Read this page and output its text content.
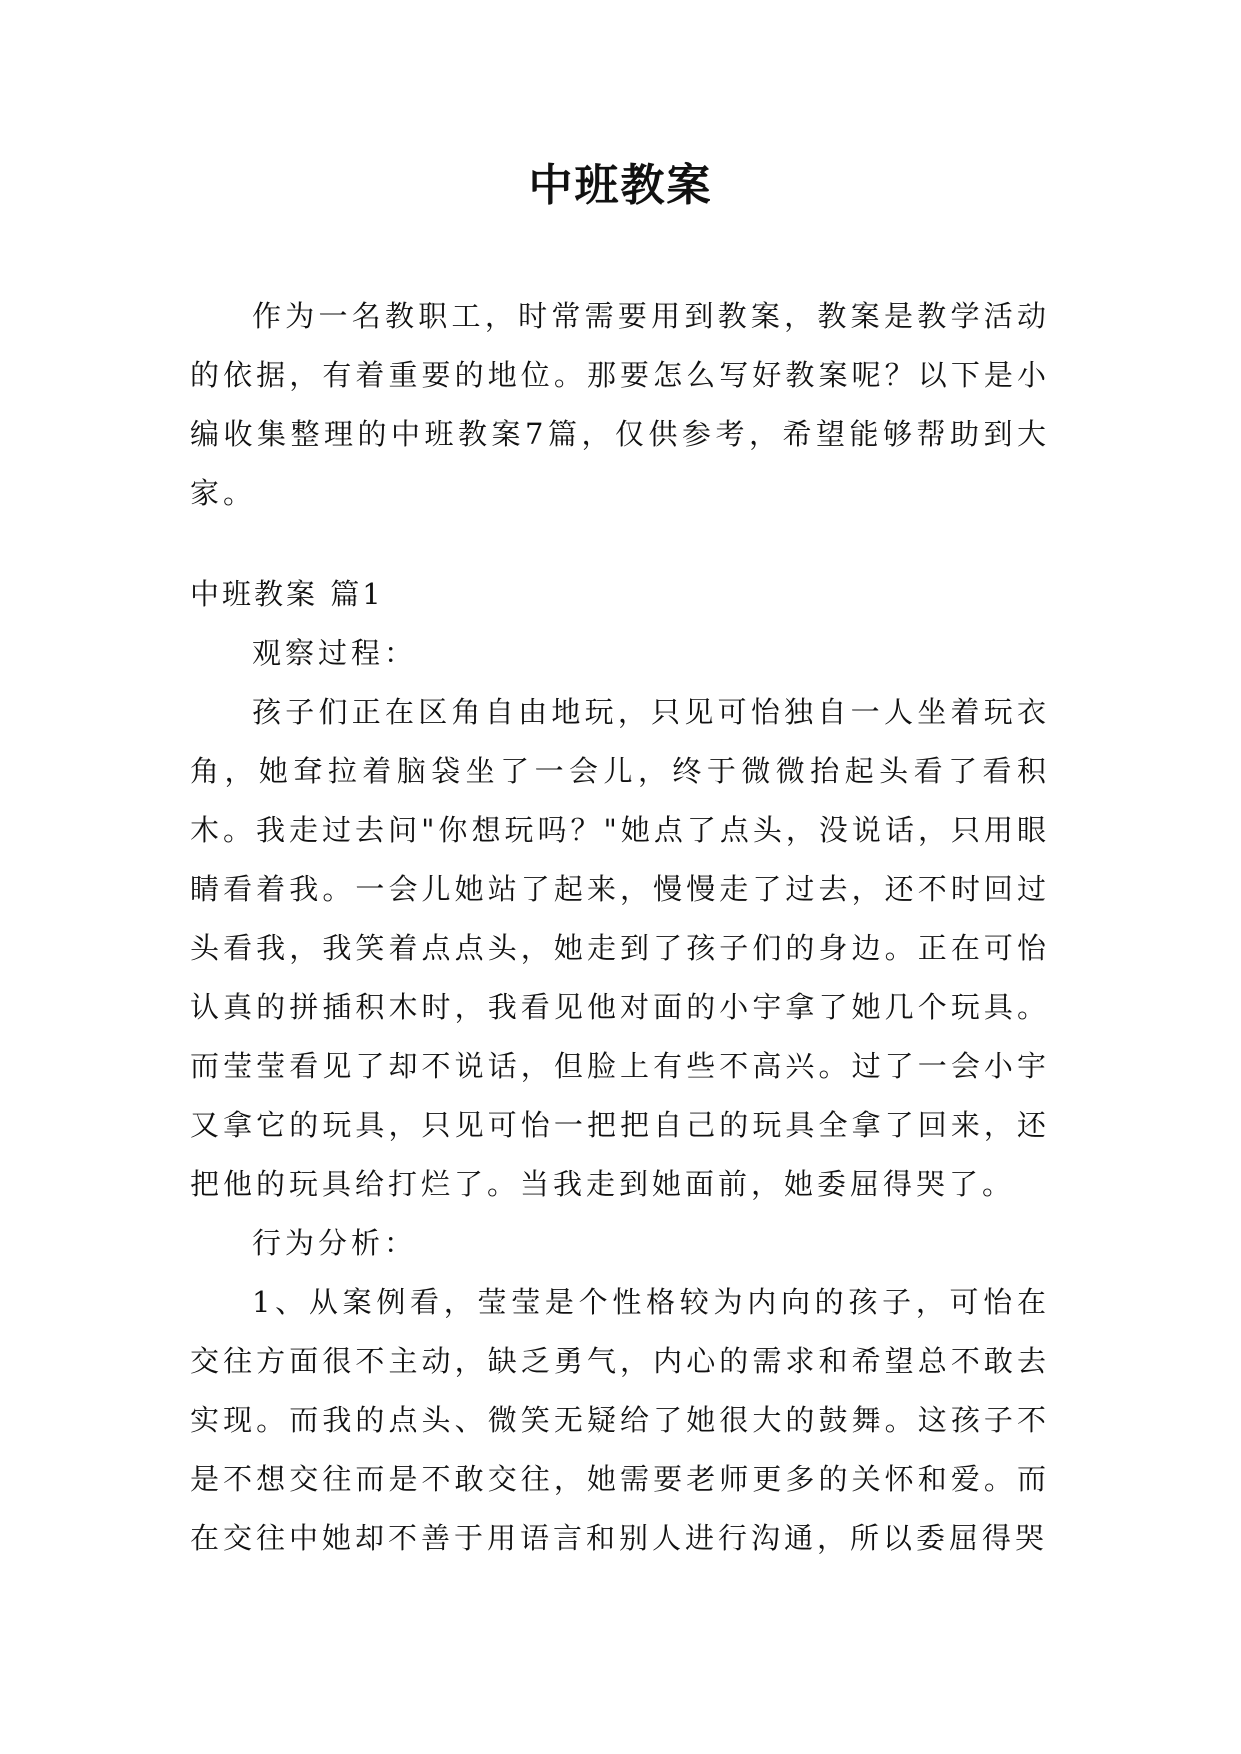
中班教案

作为一名教职工，时常需要用到教案，教案是教学活动的依据，有着重要的地位。那要怎么写好教案呢？以下是小编收集整理的中班教案7篇，仅供参考，希望能够帮助到大家。

中班教案 篇1

观察过程：

孩子们正在区角自由地玩，只见可怡独自一人坐着玩衣角，她耷拉着脑袋坐了一会儿，终于微微抬起头看了看积木。我走过去问"你想玩吗？"她点了点头，没说话，只用眼睛看着我。一会儿她站了起来，慢慢走了过去，还不时回过头看我，我笑着点点头，她走到了孩子们的身边。正在可怡认真的拼插积木时，我看见他对面的小宇拿了她几个玩具。而莹莹看见了却不说话，但脸上有些不高兴。过了一会小宇又拿它的玩具，只见可怡一把把自己的玩具全拿了回来，还把他的玩具给打烂了。当我走到她面前，她委屈得哭了。

行为分析：

1、从案例看，莹莹是个性格较为内向的孩子，可怡在交往方面很不主动，缺乏勇气，内心的需求和希望总不敢去实现。而我的点头、微笑无疑给了她很大的鼓舞。这孩子不是不想交往而是不敢交往，她需要老师更多的关怀和爱。而在交往中她却不善于用语言和别人进行沟通，所以委屈得哭
